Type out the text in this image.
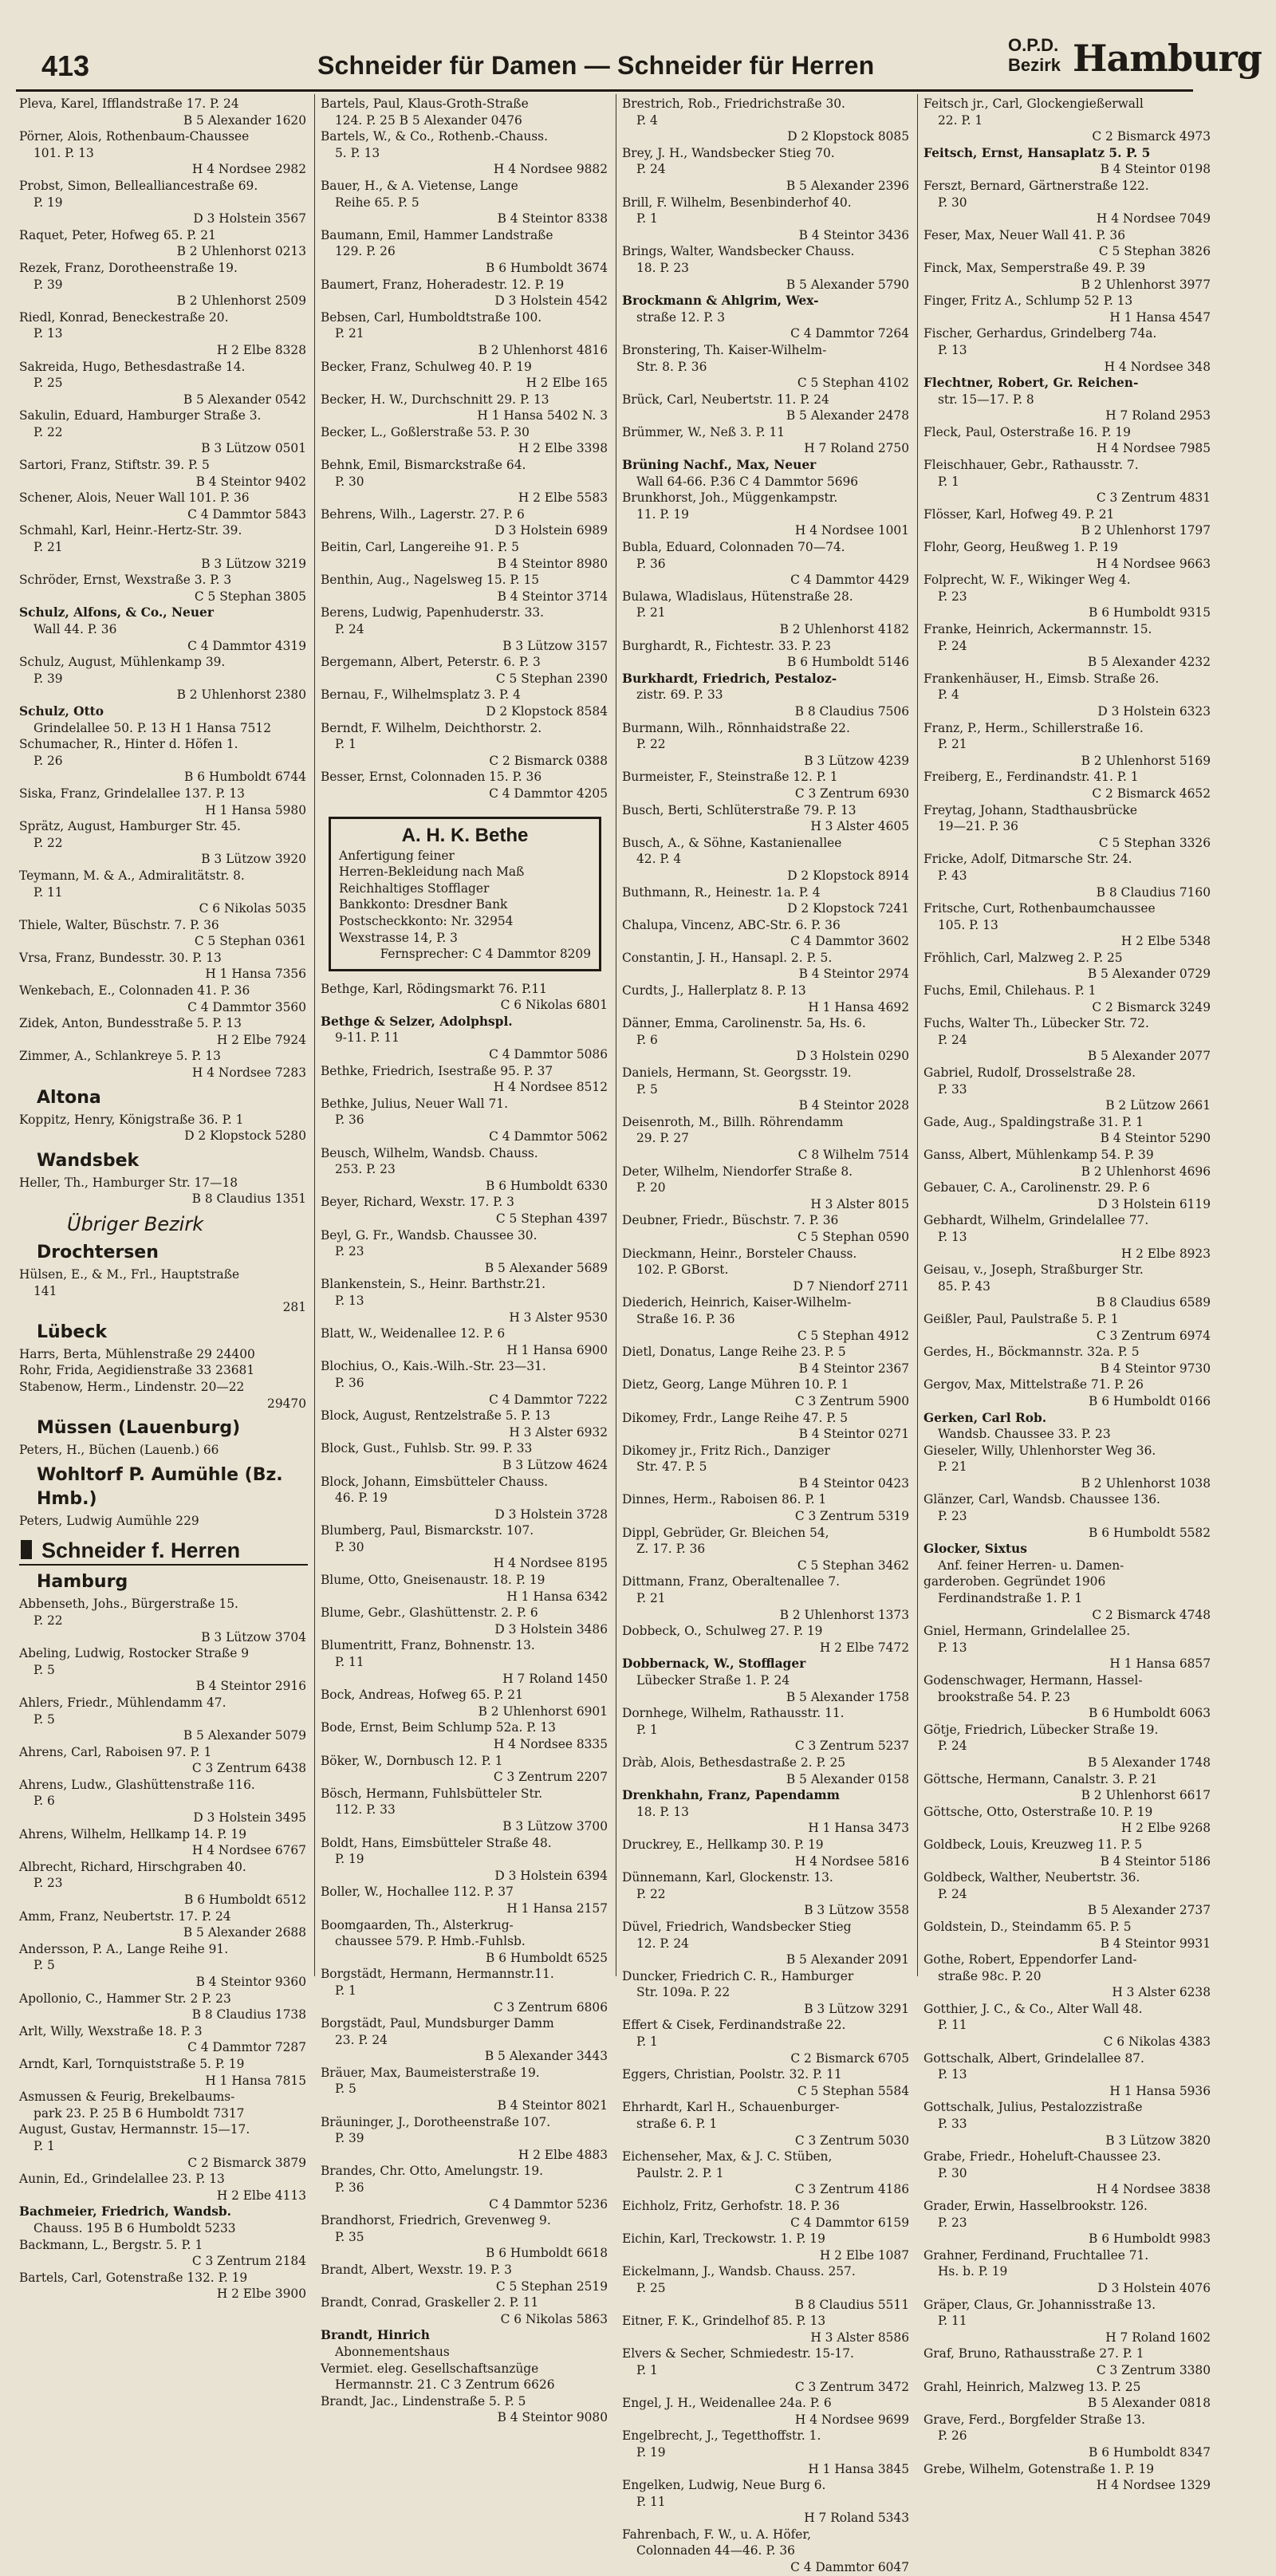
413	Schneider für Damen — Schneider für Herren
O.P.D.
Bezirk Hamburg
Pleva, Karel, Ifflandstraße 17. P. 24
B 5 Alexander 1620
Pörner, Alois, Rothenbaum-Chaussee
101. P. 13
H 4 Nordsee 2982
Probst, Simon, Bellealliancestraße 69.
P. 19
D 3 Holstein 3567
Raquet, Peter, Hofweg 65. P. 21
B 2 Uhlenhorst 0213
Rezek, Franz, Dorotheenstraße 19.
P. 39
B 2 Uhlenhorst 2509
Riedl, Konrad, Beneckestraße 20.
P. 13
H 2 Elbe 8328
Sakreida, Hugo, Bethesdastraße 14.
P. 25
B 5 Alexander 0542
Sakulin, Eduard, Hamburger Straße 3.
P. 22
B 3 Lützow 0501
Sartori, Franz, Stiftstr. 39. P. 5
B 4 Steintor 9402
Schener, Alois, Neuer Wall 101. P. 36
C 4 Dammtor 5843
Schmahl, Karl, Heinr.-Hertz-Str. 39.
P. 21
B 3 Lützow 3219
Schröder, Ernst, Wexstraße 3. P. 3
C 5 Stephan 3805
Schulz, Alfons, & Co., Neuer
Wall 44. P. 36
C 4 Dammtor 4319
Schulz, August, Mühlenkamp 39.
P. 39
B 2 Uhlenhorst 2380
Schulz, Otto
Grindelallee 50. P. 13 H 1 Hansa 7512
Schumacher, R., Hinter d. Höfen 1.
P. 26
B 6 Humboldt 6744
Siska, Franz, Grindelallee 137. P. 13
H 1 Hansa 5980
Sprätz, August, Hamburger Str. 45.
P. 22
B 3 Lützow 3920
Teymann, M. & A., Admiralitätstr. 8.
P. 11
C 6 Nikolas 5035
Thiele, Walter, Büschstr. 7. P. 36
C 5 Stephan 0361
Vrsa, Franz, Bundesstr. 30. P. 13
H 1 Hansa 7356
Wenkebach, E., Colonnaden 41. P. 36
C 4 Dammtor 3560
Zidek, Anton, Bundesstraße 5. P. 13
H 2 Elbe 7924
Zimmer, A., Schlankreye 5. P. 13
H 4 Nordsee 7283
Altona
Koppitz, Henry, Königstraße 36. P. 1
D 2 Klopstock 5280
Wandsbek
Heller, Th., Hamburger Str. 17—18
B 8 Claudius 1351
Übriger Bezirk
Drochtersen
Hülsen, E., & M., Frl., Hauptstraße
141
281
Lübeck
Harrs, Berta, Mühlenstraße 29 24400
Rohr, Frida, Aegidienstraße 33 23681
Stabenow, Herm., Lindenstr. 20—22
29470
Müssen (Lauenburg)
Peters, H., Büchen (Lauenb.) 66
Wohltorf P. Aumühle (Bz. Hmb.)
Peters, Ludwig Aumühle 229
Schneider f. Herren
Hamburg
Abbenseth, Johs., Bürgerstraße 15.
P. 22
B 3 Lützow 3704
Abeling, Ludwig, Rostocker Straße 9
P. 5
B 4 Steintor 2916
Ahlers, Friedr., Mühlendamm 47.
P. 5
B 5 Alexander 5079
Ahrens, Carl, Raboisen 97. P. 1
C 3 Zentrum 6438
Ahrens, Ludw., Glashüttenstraße 116.
P. 6
D 3 Holstein 3495
Ahrens, Wilhelm, Hellkamp 14. P. 19
H 4 Nordsee 6767
Albrecht, Richard, Hirschgraben 40.
P. 23
B 6 Humboldt 6512
Amm, Franz, Neubertstr. 17. P. 24
B 5 Alexander 2688
Andersson, P. A., Lange Reihe 91.
P. 5
B 4 Steintor 9360
Apollonio, C., Hammer Str. 2 P. 23
B 8 Claudius 1738
Arlt, Willy, Wexstraße 18. P. 3
C 4 Dammtor 7287
Arndt, Karl, Tornquiststraße 5. P. 19
H 1 Hansa 7815
Asmussen & Feurig, Brekelbaums-
park 23. P. 25 B 6 Humboldt 7317
August, Gustav, Hermannstr. 15—17.
P. 1
C 2 Bismarck 3879
Aunin, Ed., Grindelallee 23. P. 13
H 2 Elbe 4113
Bachmeier, Friedrich, Wandsb.
Chauss. 195 B 6 Humboldt 5233
Backmann, L., Bergstr. 5. P. 1
C 3 Zentrum 2184
Bartels, Carl, Gotenstraße 132. P. 19
H 2 Elbe 3900
Bartels, Paul, Klaus-Groth-Straße
124. P. 25 B 5 Alexander 0476
Bartels, W., & Co., Rothenb.-Chauss.
5. P. 13
H 4 Nordsee 9882
Bauer, H., & A. Vietense, Lange
Reihe 65. P. 5
B 4 Steintor 8338
Baumann, Emil, Hammer Landstraße
129. P. 26
B 6 Humboldt 3674
Baumert, Franz, Hoheradestr. 12. P. 19
D 3 Holstein 4542
Bebsen, Carl, Humboldtstraße 100.
P. 21
B 2 Uhlenhorst 4816
Becker, Franz, Schulweg 40. P. 19
H 2 Elbe 165
Becker, H. W., Durchschnitt 29. P. 13
H 1 Hansa 5402 N. 3
Becker, L., Goßlerstraße 53. P. 30
H 2 Elbe 3398
Behnk, Emil, Bismarckstraße 64.
P. 30
H 2 Elbe 5583
Behrens, Wilh., Lagerstr. 27. P. 6
D 3 Holstein 6989
Beitin, Carl, Langereihe 91. P. 5
B 4 Steintor 8980
Benthin, Aug., Nagelsweg 15. P. 15
B 4 Steintor 3714
Berens, Ludwig, Papenhuderstr. 33.
P. 24
B 3 Lützow 3157
Bergemann, Albert, Peterstr. 6. P. 3
C 5 Stephan 2390
Bernau, F., Wilhelmsplatz 3. P. 4
D 2 Klopstock 8584
Berndt, F. Wilhelm, Deichthorstr. 2.
P. 1
C 2 Bismarck 0388
Besser, Ernst, Colonnaden 15. P. 36
C 4 Dammtor 4205
A. H. K. Bethe
Anfertigung feiner
Herren-Bekleidung nach Maß
Reichhaltiges Stofflager
Bankkonto: Dresdner Bank
Postscheckkonto: Nr. 32954
Wexstrasse 14, P. 3
Fernsprecher: C 4 Dammtor 8209
Bethge, Karl, Rödingsmarkt 76. P.11
C 6 Nikolas 6801
Bethge & Selzer, Adolphspl.
9-11. P. 11
C 4 Dammtor 5086
Bethke, Friedrich, Isestraße 95. P. 37
H 4 Nordsee 8512
Bethke, Julius, Neuer Wall 71.
P. 36
C 4 Dammtor 5062
Beusch, Wilhelm, Wandsb. Chauss.
253. P. 23
B 6 Humboldt 6330
Beyer, Richard, Wexstr. 17. P. 3
C 5 Stephan 4397
Beyl, G. Fr., Wandsb. Chaussee 30.
P. 23
B 5 Alexander 5689
Blankenstein, S., Heinr. Barthstr.21.
P. 13
H 3 Alster 9530
Blatt, W., Weidenallee 12. P. 6
H 1 Hansa 6900
Blochius, O., Kais.-Wilh.-Str. 23—31.
P. 36
C 4 Dammtor 7222
Block, August, Rentzelstraße 5. P. 13
H 3 Alster 6932
Block, Gust., Fuhlsb. Str. 99. P. 33
B 3 Lützow 4624
Block, Johann, Eimsbütteler Chauss.
46. P. 19
D 3 Holstein 3728
Blumberg, Paul, Bismarckstr. 107.
P. 30
H 4 Nordsee 8195
Blume, Otto, Gneisenaustr. 18. P. 19
H 1 Hansa 6342
Blume, Gebr., Glashüttenstr. 2. P. 6
D 3 Holstein 3486
Blumentritt, Franz, Bohnenstr. 13.
P. 11
H 7 Roland 1450
Bock, Andreas, Hofweg 65. P. 21
B 2 Uhlenhorst 6901
Bode, Ernst, Beim Schlump 52a. P. 13
H 4 Nordsee 8335
Böker, W., Dornbusch 12. P. 1
C 3 Zentrum 2207
Bösch, Hermann, Fuhlsbütteler Str.
112. P. 33
B 3 Lützow 3700
Boldt, Hans, Eimsbütteler Straße 48.
P. 19
D 3 Holstein 6394
Boller, W., Hochallee 112. P. 37
H 1 Hansa 2157
Boomgaarden, Th., Alsterkrug-
chaussee 579. P. Hmb.-Fuhlsb.
B 6 Humboldt 6525
Borgstädt, Hermann, Hermannstr.11.
P. 1
C 3 Zentrum 6806
Borgstädt, Paul, Mundsburger Damm
23. P. 24
B 5 Alexander 3443
Bräuer, Max, Baumeisterstraße 19.
P. 5
B 4 Steintor 8021
Bräuninger, J., Dorotheenstraße 107.
P. 39
H 2 Elbe 4883
Brandes, Chr. Otto, Amelungstr. 19.
P. 36
C 4 Dammtor 5236
Brandhorst, Friedrich, Grevenweg 9.
P. 35
B 6 Humboldt 6618
Brandt, Albert, Wexstr. 19. P. 3
C 5 Stephan 2519
Brandt, Conrad, Graskeller 2. P. 11
C 6 Nikolas 5863
Brandt, Hinrich
Abonnementshaus
Vermiet. eleg. Gesellschaftsanzüge
Hermannstr. 21. C 3 Zentrum 6626
Brandt, Jac., Lindenstraße 5. P. 5
B 4 Steintor 9080
Brestrich, Rob., Friedrichstraße 30.
P. 4
D 2 Klopstock 8085
Brey, J. H., Wandsbecker Stieg 70.
P. 24
B 5 Alexander 2396
Brill, F. Wilhelm, Besenbinderhof 40.
P. 1
B 4 Steintor 3436
Brings, Walter, Wandsbecker Chauss.
18. P. 23
B 5 Alexander 5790
Brockmann & Ahlgrim, Wex-
straße 12. P. 3
C 4 Dammtor 7264
Bronstering, Th. Kaiser-Wilhelm-
Str. 8. P. 36
C 5 Stephan 4102
Brück, Carl, Neubertstr. 11. P. 24
B 5 Alexander 2478
Brümmer, W., Neß 3. P. 11
H 7 Roland 2750
Brüning Nachf., Max, Neuer
Wall 64-66. P.36 C 4 Dammtor 5696
Brunkhorst, Joh., Müggenkampstr.
11. P. 19
H 4 Nordsee 1001
Bubla, Eduard, Colonnaden 70—74.
P. 36
C 4 Dammtor 4429
Bulawa, Wladislaus, Hütenstraße 28.
P. 21
B 2 Uhlenhorst 4182
Burghardt, R., Fichtestr. 33. P. 23
B 6 Humboldt 5146
Burkhardt, Friedrich, Pestaloz-
zistr. 69. P. 33
B 8 Claudius 7506
Burmann, Wilh., Rönnhaidstraße 22.
P. 22
B 3 Lützow 4239
Burmeister, F., Steinstraße 12. P. 1
C 3 Zentrum 6930
Busch, Berti, Schlüterstraße 79. P. 13
H 3 Alster 4605
Busch, A., & Söhne, Kastanienallee
42. P. 4
D 2 Klopstock 8914
Buthmann, R., Heinestr. 1a. P. 4
D 2 Klopstock 7241
Chalupa, Vincenz, ABC-Str. 6. P. 36
C 4 Dammtor 3602
Constantin, J. H., Hansapl. 2. P. 5.
B 4 Steintor 2974
Curdts, J., Hallerplatz 8. P. 13
H 1 Hansa 4692
Dänner, Emma, Carolinenstr. 5a, Hs. 6.
P. 6
D 3 Holstein 0290
Daniels, Hermann, St. Georgsstr. 19.
P. 5
B 4 Steintor 2028
Deisenroth, M., Billh. Röhrendamm
29. P. 27
C 8 Wilhelm 7514
Deter, Wilhelm, Niendorfer Straße 8.
P. 20
H 3 Alster 8015
Deubner, Friedr., Büschstr. 7. P. 36
C 5 Stephan 0590
Dieckmann, Heinr., Borsteler Chauss.
102. P. GBorst.
D 7 Niendorf 2711
Diederich, Heinrich, Kaiser-Wilhelm-
Straße 16. P. 36
C 5 Stephan 4912
Dietl, Donatus, Lange Reihe 23. P. 5
B 4 Steintor 2367
Dietz, Georg, Lange Mühren 10. P. 1
C 3 Zentrum 5900
Dikomey, Frdr., Lange Reihe 47. P. 5
B 4 Steintor 0271
Dikomey jr., Fritz Rich., Danziger
Str. 47. P. 5
B 4 Steintor 0423
Dinnes, Herm., Raboisen 86. P. 1
C 3 Zentrum 5319
Dippl, Gebrüder, Gr. Bleichen 54,
Z. 17. P. 36
C 5 Stephan 3462
Dittmann, Franz, Oberaltenallee 7.
P. 21
B 2 Uhlenhorst 1373
Dobbeck, O., Schulweg 27. P. 19
H 2 Elbe 7472
Dobbernack, W., Stofflager
Lübecker Straße 1. P. 24
B 5 Alexander 1758
Dornhege, Wilhelm, Rathausstr. 11.
P. 1
C 3 Zentrum 5237
Dràb, Alois, Bethesdastraße 2. P. 25
B 5 Alexander 0158
Drenkhahn, Franz, Papendamm
18. P. 13
H 1 Hansa 3473
Druckrey, E., Hellkamp 30. P. 19
H 4 Nordsee 5816
Dünnemann, Karl, Glockenstr. 13.
P. 22
B 3 Lützow 3558
Düvel, Friedrich, Wandsbecker Stieg
12. P. 24
B 5 Alexander 2091
Duncker, Friedrich C. R., Hamburger
Str. 109a. P. 22
B 3 Lützow 3291
Effert & Cisek, Ferdinandstraße 22.
P. 1
C 2 Bismarck 6705
Eggers, Christian, Poolstr. 32. P. 11
C 5 Stephan 5584
Ehrhardt, Karl H., Schauenburger-
straße 6. P. 1
C 3 Zentrum 5030
Eichenseher, Max, & J. C. Stüben,
Paulstr. 2. P. 1
C 3 Zentrum 4186
Eichholz, Fritz, Gerhofstr. 18. P. 36
C 4 Dammtor 6159
Eichin, Karl, Treckowstr. 1. P. 19
H 2 Elbe 1087
Eickelmann, J., Wandsb. Chauss. 257.
P. 25
B 8 Claudius 5511
Eitner, F. K., Grindelhof 85. P. 13
H 3 Alster 8586
Elvers & Secher, Schmiedestr. 15-17.
P. 1
C 3 Zentrum 3472
Engel, J. H., Weidenallee 24a. P. 6
H 4 Nordsee 9699
Engelbrecht, J., Tegetthoffstr. 1.
P. 19
H 1 Hansa 3845
Engelken, Ludwig, Neue Burg 6.
P. 11
H 7 Roland 5343
Fahrenbach, F. W., u. A. Höfer,
Colonnaden 44—46. P. 36
C 4 Dammtor 6047
Feitsch jr., Carl, Glockengießerwall
22. P. 1
C 2 Bismarck 4973
Feitsch, Ernst, Hansaplatz 5. P. 5
B 4 Steintor 0198
Ferszt, Bernard, Gärtnerstraße 122.
P. 30
H 4 Nordsee 7049
Feser, Max, Neuer Wall 41. P. 36
C 5 Stephan 3826
Finck, Max, Semperstraße 49. P. 39
B 2 Uhlenhorst 3977
Finger, Fritz A., Schlump 52 P. 13
H 1 Hansa 4547
Fischer, Gerhardus, Grindelberg 74a.
P. 13
H 4 Nordsee 348
Flechtner, Robert, Gr. Reichen-
str. 15—17. P. 8
H 7 Roland 2953
Fleck, Paul, Osterstraße 16. P. 19
H 4 Nordsee 7985
Fleischhauer, Gebr., Rathausstr. 7.
P. 1
C 3 Zentrum 4831
Flösser, Karl, Hofweg 49. P. 21
B 2 Uhlenhorst 1797
Flohr, Georg, Heußweg 1. P. 19
H 4 Nordsee 9663
Folprecht, W. F., Wikinger Weg 4.
P. 23
B 6 Humboldt 9315
Franke, Heinrich, Ackermannstr. 15.
P. 24
B 5 Alexander 4232
Frankenhäuser, H., Eimsb. Straße 26.
P. 4
D 3 Holstein 6323
Franz, P., Herm., Schillerstraße 16.
P. 21
B 2 Uhlenhorst 5169
Freiberg, E., Ferdinandstr. 41. P. 1
C 2 Bismarck 4652
Freytag, Johann, Stadthausbrücke
19—21. P. 36
C 5 Stephan 3326
Fricke, Adolf, Ditmarsche Str. 24.
P. 43
B 8 Claudius 7160
Fritsche, Curt, Rothenbaumchaussee
105. P. 13
H 2 Elbe 5348
Fröhlich, Carl, Malzweg 2. P. 25
B 5 Alexander 0729
Fuchs, Emil, Chilehaus. P. 1
C 2 Bismarck 3249
Fuchs, Walter Th., Lübecker Str. 72.
P. 24
B 5 Alexander 2077
Gabriel, Rudolf, Drosselstraße 28.
P. 33
B 2 Lützow 2661
Gade, Aug., Spaldingstraße 31. P. 1
B 4 Steintor 5290
Ganss, Albert, Mühlenkamp 54. P. 39
B 2 Uhlenhorst 4696
Gebauer, C. A., Carolinenstr. 29. P. 6
D 3 Holstein 6119
Gebhardt, Wilhelm, Grindelallee 77.
P. 13
H 2 Elbe 8923
Geisau, v., Joseph, Straßburger Str.
85. P. 43
B 8 Claudius 6589
Geißler, Paul, Paulstraße 5. P. 1
C 3 Zentrum 6974
Gerdes, H., Böckmannstr. 32a. P. 5
B 4 Steintor 9730
Gergov, Max, Mittelstraße 71. P. 26
B 6 Humboldt 0166
Gerken, Carl Rob.
Wandsb. Chaussee 33. P. 23
Gieseler, Willy, Uhlenhorster Weg 36.
P. 21
B 2 Uhlenhorst 1038
Glänzer, Carl, Wandsb. Chaussee 136.
P. 23
B 6 Humboldt 5582
Glocker, Sixtus
Anf. feiner Herren- u. Damen-
garderoben. Gegründet 1906
Ferdinandstraße 1. P. 1
C 2 Bismarck 4748
Gniel, Hermann, Grindelallee 25.
P. 13
H 1 Hansa 6857
Godenschwager, Hermann, Hassel-
brookstraße 54. P. 23
B 6 Humboldt 6063
Götje, Friedrich, Lübecker Straße 19.
P. 24
B 5 Alexander 1748
Göttsche, Hermann, Canalstr. 3. P. 21
B 2 Uhlenhorst 6617
Göttsche, Otto, Osterstraße 10. P. 19
H 2 Elbe 9268
Goldbeck, Louis, Kreuzweg 11. P. 5
B 4 Steintor 5186
Goldbeck, Walther, Neubertstr. 36.
P. 24
B 5 Alexander 2737
Goldstein, D., Steindamm 65. P. 5
B 4 Steintor 9931
Gothe, Robert, Eppendorfer Land-
straße 98c. P. 20
H 3 Alster 6238
Gotthier, J. C., & Co., Alter Wall 48.
P. 11
C 6 Nikolas 4383
Gottschalk, Albert, Grindelallee 87.
P. 13
H 1 Hansa 5936
Gottschalk, Julius, Pestalozzistraße
P. 33
B 3 Lützow 3820
Grabe, Friedr., Hoheluft-Chaussee 23.
P. 30
H 4 Nordsee 3838
Grader, Erwin, Hasselbrookstr. 126.
P. 23
B 6 Humboldt 9983
Grahner, Ferdinand, Fruchtallee 71.
Hs. b. P. 19
D 3 Holstein 4076
Gräper, Claus, Gr. Johannisstraße 13.
P. 11
H 7 Roland 1602
Graf, Bruno, Rathausstraße 27. P. 1
C 3 Zentrum 3380
Grahl, Heinrich, Malzweg 13. P. 25
B 5 Alexander 0818
Grave, Ferd., Borgfelder Straße 13.
P. 26
B 6 Humboldt 8347
Grebe, Wilhelm, Gotenstraße 1. P. 19
H 4 Nordsee 1329
